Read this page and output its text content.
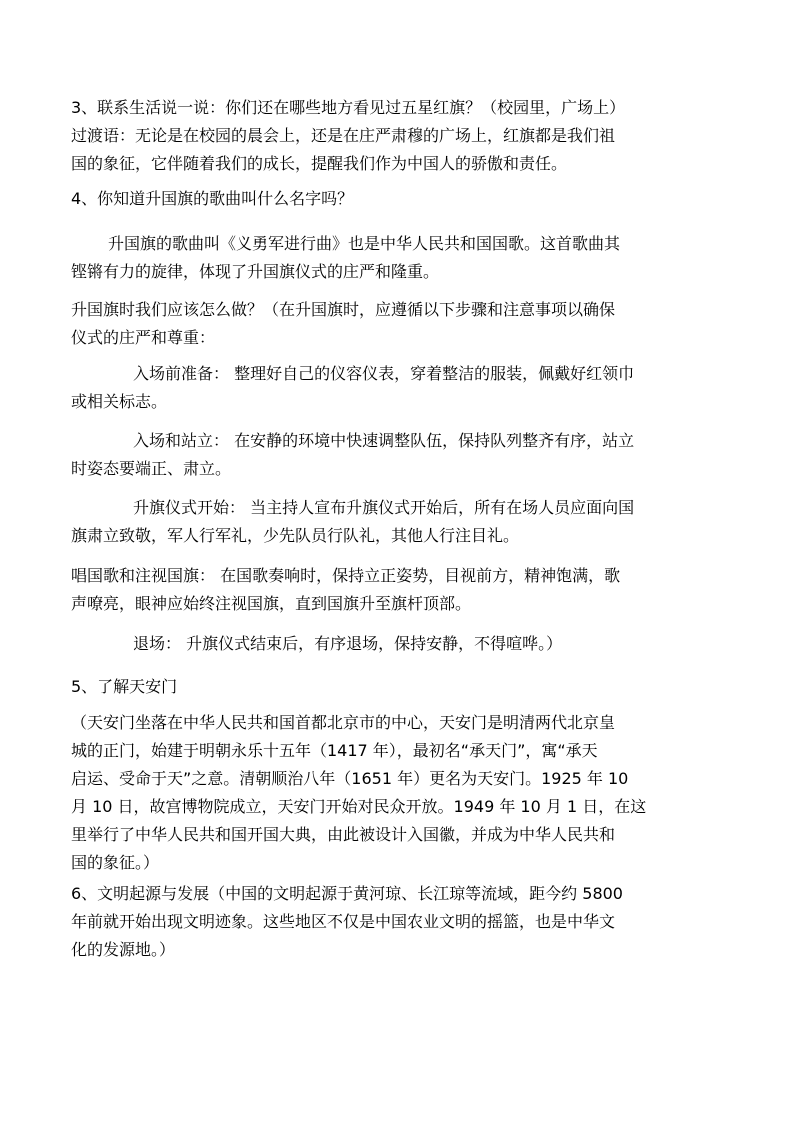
3、联系生活说一说：你们还在哪些地方看见过五星红旗？（校园里，广场上）
过渡语：无论是在校园的晨会上，还是在庄严肃穆的广场上，红旗都是我们祖
国的象征，它伴随着我们的成长，提醒我们作为中国人的骄傲和责任。
4、你知道升国旗的歌曲叫什么名字吗？
升国旗的歌曲叫《义勇军进行曲》也是中华人民共和国国歌。这首歌曲其
铿锵有力的旋律，体现了升国旗仪式的庄严和隆重。
升国旗时我们应该怎么做？（在升国旗时，应遵循以下步骤和注意事项以确保
仪式的庄严和尊重：
入场前准备： 整理好自己的仪容仪表，穿着整洁的服装，佩戴好红领巾
或相关标志。
入场和站立： 在安静的环境中快速调整队伍，保持队列整齐有序，站立
时姿态要端正、肃立。
升旗仪式开始： 当主持人宣布升旗仪式开始后，所有在场人员应面向国
旗肃立致敬，军人行军礼，少先队员行队礼，其他人行注目礼。
唱国歌和注视国旗： 在国歌奏响时，保持立正姿势，目视前方，精神饱满，歌
声嘹亮，眼神应始终注视国旗，直到国旗升至旗杆顶部。
退场： 升旗仪式结束后，有序退场，保持安静，不得喧哗。）
5、了解天安门
（天安门坐落在中华人民共和国首都北京市的中心，天安门是明清两代北京皇
城的正门，始建于明朝永乐十五年（1417 年），最初名“承天门”，寓“承天
启运、受命于天”之意。清朝顺治八年（1651 年）更名为天安门。1925 年 10
月 10 日，故宫博物院成立，天安门开始对民众开放。1949 年 10 月 1 日，在这
里举行了中华人民共和国开国大典，由此被设计入国徽，并成为中华人民共和
国的象征。）
6、文明起源与发展（中国的文明起源于黄河琼、长江琼等流域，距今约 5800
年前就开始出现文明迹象。这些地区不仅是中国农业文明的摇篮，也是中华文
化的发源地。）
